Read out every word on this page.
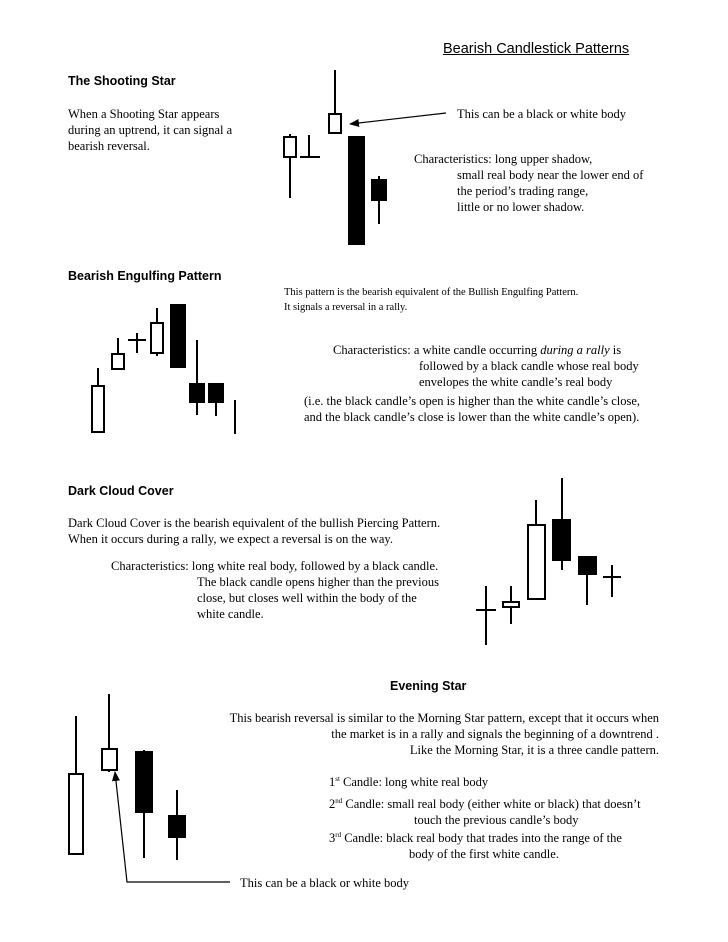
Bearish Candlestick Patterns
The Shooting Star
When a Shooting Star appears
during an uptrend, it can signal a
bearish reversal.
This can be a black or white body
Characteristics: long upper shadow,
small real body near the lower end of
the period’s trading range,
little or no lower shadow.
Bearish Engulfing Pattern
This pattern is the bearish equivalent of the Bullish Engulfing Pattern.
It signals a reversal in a rally.
Characteristics: a white candle occurring during a rally is
followed by a black candle whose real body
envelopes the white candle’s real body
(i.e. the black candle’s open is higher than the white candle’s close,
and the black candle’s close is lower than the white candle’s open).
Dark Cloud Cover
Dark Cloud Cover is the bearish equivalent of the bullish Piercing Pattern.
When it occurs during a rally, we expect a reversal is on the way.
Characteristics: long white real body, followed by a black candle.
The black candle opens higher than the previous
close, but closes well within the body of the
white candle.
Evening Star
This bearish reversal is similar to the Morning Star pattern, except that it occurs when
the market is in a rally and signals the beginning of a downtrend .
Like the Morning Star, it is a three candle pattern.
1st Candle: long white real body
2nd Candle: small real body (either white or black) that doesn’t
touch the previous candle’s body
3rd Candle: black real body that trades into the range of the
body of the first white candle.
This can be a black or white body
